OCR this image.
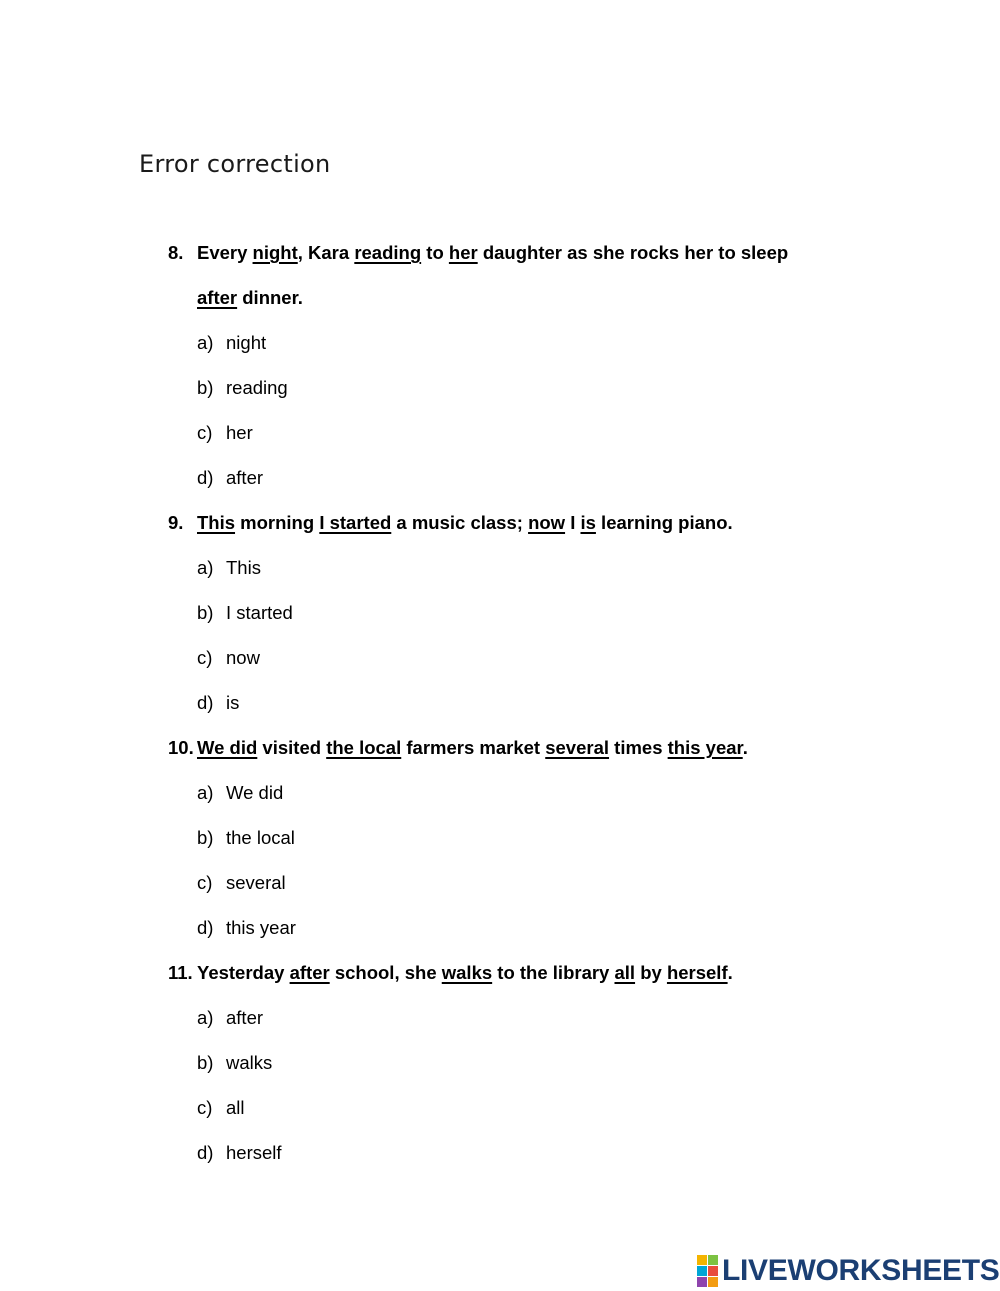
Error correction
8. Every night, Kara reading to her daughter as she rocks her to sleep
after dinner.
a) night
b) reading
c) her
d) after
9. This morning I started a music class; now I is learning piano.
a) This
b) I started
c) now
d) is
10. We did visited the local farmers market several times this year.
a) We did
b) the local
c) several
d) this year
11. Yesterday after school, she walks to the library all by herself.
a) after
b) walks
c) all
d) herself
LIVEWORKSHEETS
